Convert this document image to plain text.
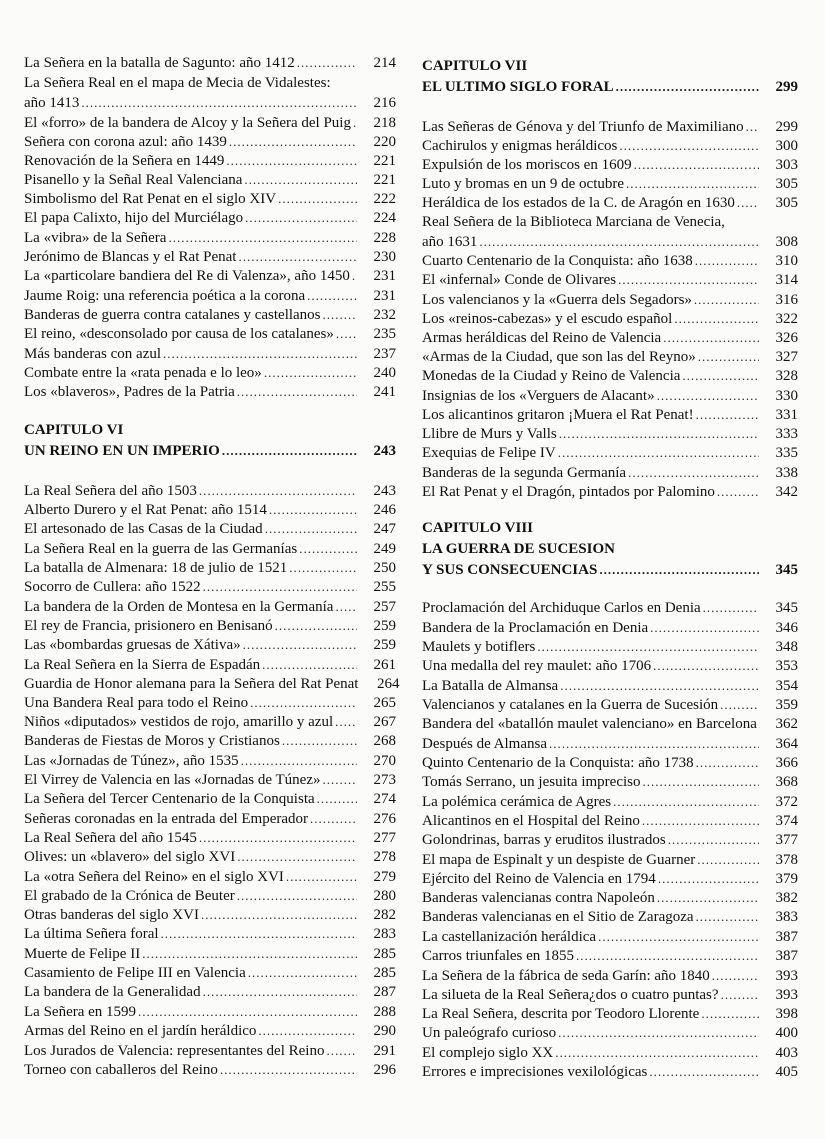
La Señera en la batalla de Sagunto: año 1412 .....	214
La Señera Real en el mapa de Mecia de Vidalestes:
año 1413 .....	216
El «forro» de la bandera de Alcoy y la Señera del Puig .....	218
Señera con corona azul: año 1439 .....	220
Renovación de la Señera en 1449 .....	221
Pisanello y la Señal Real Valenciana .....	221
Simbolismo del Rat Penat en el siglo XIV .....	222
El papa Calixto, hijo del Murciélago .....	224
La «vibra» de la Señera .....	228
Jerónimo de Blancas y el Rat Penat .....	230
La «particolare bandiera del Re di Valenza», año 1450 .....	231
Jaume Roig: una referencia poética a la corona .....	231
Banderas de guerra contra catalanes y castellanos .....	232
El reino, «desconsolado por causa de los catalanes» .....	235
Más banderas con azul .....	237
Combate entre la «rata penada e lo leo» .....	240
Los «blaveros», Padres de la Patria .....	241
CAPITULO VI
UN REINO EN UN IMPERIO .....	243
La Real Señera del año 1503 .....	243
Alberto Durero y el Rat Penat: año 1514 .....	246
El artesonado de las Casas de la Ciudad .....	247
La Señera Real en la guerra de las Germanías .....	249
La batalla de Almenara: 18 de julio de 1521 .....	250
Socorro de Cullera: año 1522 .....	255
La bandera de la Orden de Montesa en la Germanía .....	257
El rey de Francia, prisionero en Benisanó .....	259
Las «bombardas gruesas de Xátiva» .....	259
La Real Señera en la Sierra de Espadán .....	261
Guardia de Honor alemana para la Señera del Rat Penat	264
Una Bandera Real para todo el Reino .....	265
Niños «diputados» vestidos de rojo, amarillo y azul .....	267
Banderas de Fiestas de Moros y Cristianos .....	268
Las «Jornadas de Túnez», año 1535 .....	270
El Virrey de Valencia en las «Jornadas de Túnez» .....	273
La Señera del Tercer Centenario de la Conquista .....	274
Señeras coronadas en la entrada del Emperador .....	276
La Real Señera del año 1545 .....	277
Olives: un «blavero» del siglo XVI .....	278
La «otra Señera del Reino» en el siglo XVI .....	279
El grabado de la Crónica de Beuter .....	280
Otras banderas del siglo XVI .....	282
La última Señera foral .....	283
Muerte de Felipe II .....	285
Casamiento de Felipe III en Valencia .....	285
La bandera de la Generalidad .....	287
La Señera en 1599 .....	288
Armas del Reino en el jardín heráldico .....	290
Los Jurados de Valencia: representantes del Reino .....	291
Torneo con caballeros del Reino .....	296
CAPITULO VII
EL ULTIMO SIGLO FORAL .....	299
Las Señeras de Génova y del Triunfo de Maximiliano .....	299
Cachirulos y enigmas heráldicos .....	300
Expulsión de los moriscos en 1609 .....	303
Luto y bromas en un 9 de octubre .....	305
Heráldica de los estados de la C. de Aragón en 1630 .....	305
Real Señera de la Biblioteca Marciana de Venecia,
año 1631 .....	308
Cuarto Centenario de la Conquista: año 1638 .....	310
El «infernal» Conde de Olivares .....	314
Los valencianos y la «Guerra dels Segadors» .....	316
Los «reinos-cabezas» y el escudo español .....	322
Armas heráldicas del Reino de Valencia .....	326
«Armas de la Ciudad, que son las del Reyno» .....	327
Monedas de la Ciudad y Reino de Valencia .....	328
Insignias de los «Verguers de Alacant» .....	330
Los alicantinos gritaron ¡Muera el Rat Penat! .....	331
Llibre de Murs y Valls .....	333
Exequias de Felipe IV .....	335
Banderas de la segunda Germanía .....	338
El Rat Penat y el Dragón, pintados por Palomino .....	342
CAPITULO VIII
LA GUERRA DE SUCESION
Y SUS CONSECUENCIAS .....	345
Proclamación del Archiduque Carlos en Denia .....	345
Bandera de la Proclamación en Denia .....	346
Maulets y botiflers .....	348
Una medalla del rey maulet: año 1706 .....	353
La Batalla de Almansa .....	354
Valencianos y catalanes en la Guerra de Sucesión .....	359
Bandera del «batallón maulet valenciano» en Barcelona .....	362
Después de Almansa .....	364
Quinto Centenario de la Conquista: año 1738 .....	366
Tomás Serrano, un jesuita impreciso .....	368
La polémica cerámica de Agres .....	372
Alicantinos en el Hospital del Reino .....	374
Golondrinas, barras y eruditos ilustrados .....	377
El mapa de Espinalt y un despiste de Guarner .....	378
Ejército del Reino de Valencia en 1794 .....	379
Banderas valencianas contra Napoleón .....	382
Banderas valencianas en el Sitio de Zaragoza .....	383
La castellanización heráldica .....	387
Carros triunfales en 1855 .....	387
La Señera de la fábrica de seda Garín: año 1840 .....	393
La silueta de la Real Señera¿dos o cuatro puntas? .....	393
La Real Señera, descrita por Teodoro Llorente .....	398
Un paleógrafo curioso .....	400
El complejo siglo XX .....	403
Errores e imprecisiones vexilológicas .....	405
